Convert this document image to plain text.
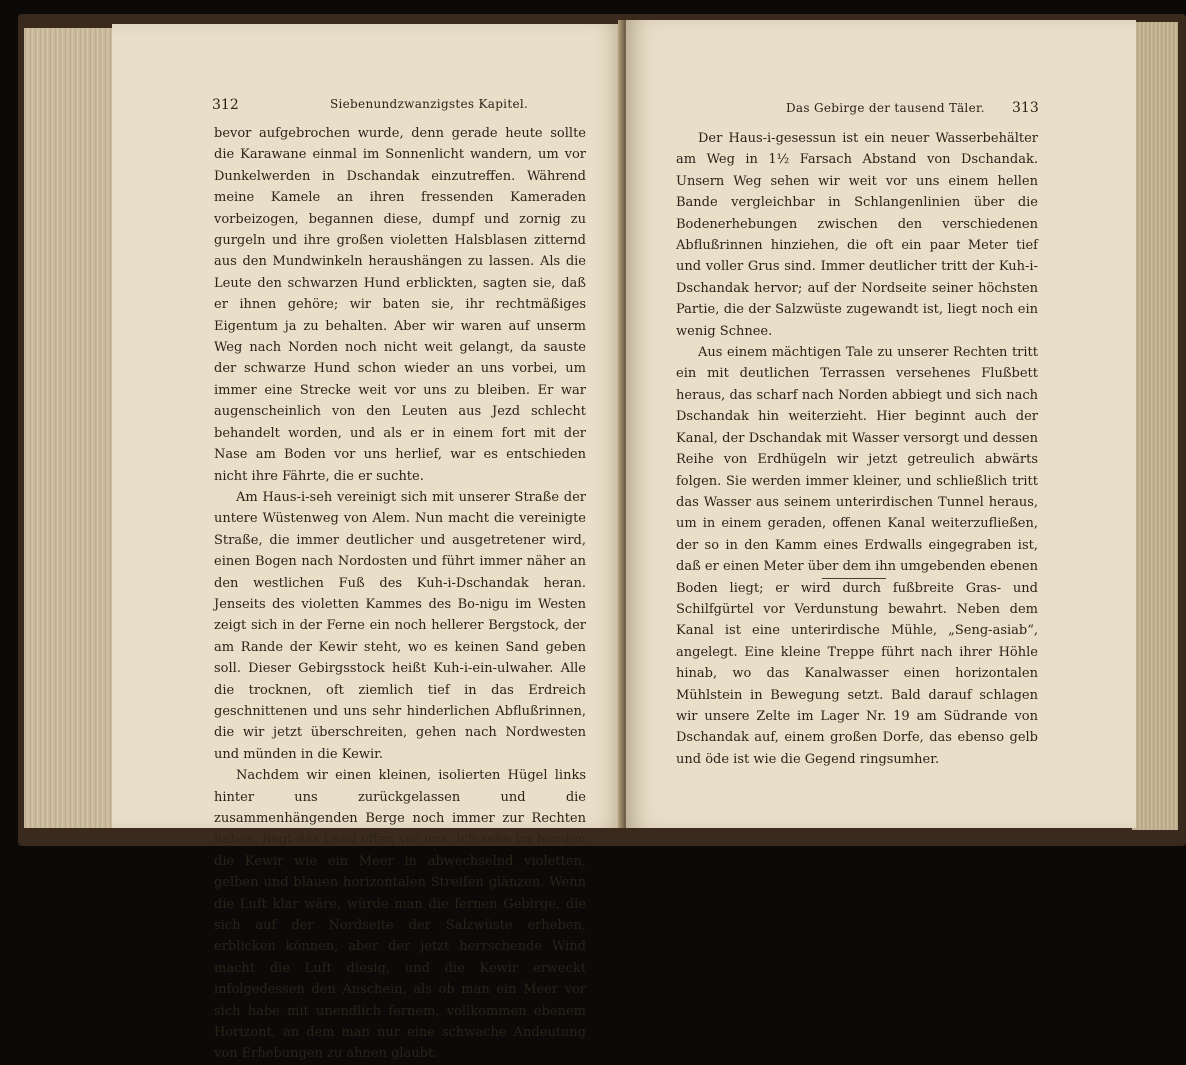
312	Siebenundzwanzigstes Kapitel.

bevor aufgebrochen wurde, denn gerade heute sollte die Karawane einmal im Sonnenlicht wandern, um vor Dunkelwerden in Dschandak einzutreffen. Während meine Kamele an ihren fressenden Kameraden vorbeizogen, begannen diese, dumpf und zornig zu gurgeln und ihre großen violetten Halsblasen zitternd aus den Mundwinkeln heraushängen zu lassen. Als die Leute den schwarzen Hund erblickten, sagten sie, daß er ihnen gehöre; wir baten sie, ihr rechtmäßiges Eigentum ja zu behalten. Aber wir waren auf unserm Weg nach Norden noch nicht weit gelangt, da sauste der schwarze Hund schon wieder an uns vorbei, um immer eine Strecke weit vor uns zu bleiben. Er war augenscheinlich von den Leuten aus Jezd schlecht behandelt worden, und als er in einem fort mit der Nase am Boden vor uns herlief, war es entschieden nicht ihre Fährte, die er suchte.

Am Haus-i-seh vereinigt sich mit unserer Straße der untere Wüstenweg von Alem. Nun macht die vereinigte Straße, die immer deutlicher und ausgetretener wird, einen Bogen nach Nordosten und führt immer näher an den westlichen Fuß des Kuh-i-Dschandak heran. Jenseits des violetten Kammes des Bo-nigu im Westen zeigt sich in der Ferne ein noch hellerer Bergstock, der am Rande der Kewir steht, wo es keinen Sand geben soll. Dieser Gebirgsstock heißt Kuh-i-ein-ulwaher. Alle die trocknen, oft ziemlich tief in das Erdreich geschnittenen und uns sehr hinderlichen Abflußrinnen, die wir jetzt überschreiten, gehen nach Nordwesten und münden in die Kewir.

Nachdem wir einen kleinen, isolierten Hügel links hinter uns zurückgelassen und die zusammenhängenden Berge noch immer zur Rechten haben, liegt das Land offen vor uns. Ich sehe im Norden die Kewir wie ein Meer in abwechselnd violetten, gelben und blauen horizontalen Streifen glänzen. Wenn die Luft klar wäre, würde man die fernen Gebirge, die sich auf der Nordseite der Salzwüste erheben, erblicken können, aber der jetzt herrschende Wind macht die Luft diesig, und die Kewir erweckt infolgedessen den Anschein, als ob man ein Meer vor sich habe mit unendlich fernem, vollkommen ebenem Horizont, an dem man nur eine schwache Andeutung von Erhebungen zu ahnen glaubt.

Das Gebirge der tausend Täler. 313

Der Haus-i-gesessun ist ein neuer Wasserbehälter am Weg in 1½ Farsach Abstand von Dschandak. Unsern Weg sehen wir weit vor uns einem hellen Bande vergleichbar in Schlangenlinien über die Bodenerhebungen zwischen den verschiedenen Abflußrinnen hinziehen, die oft ein paar Meter tief und voller Grus sind. Immer deutlicher tritt der Kuh-i-Dschandak hervor; auf der Nordseite seiner höchsten Partie, die der Salzwüste zugewandt ist, liegt noch ein wenig Schnee.

Aus einem mächtigen Tale zu unserer Rechten tritt ein mit deutlichen Terrassen versehenes Flußbett heraus, das scharf nach Norden abbiegt und sich nach Dschandak hin weiterzieht. Hier beginnt auch der Kanal, der Dschandak mit Wasser versorgt und dessen Reihe von Erdhügeln wir jetzt getreulich abwärts folgen. Sie werden immer kleiner, und schließlich tritt das Wasser aus seinem unterirdischen Tunnel heraus, um in einem geraden, offenen Kanal weiterzufließen, der so in den Kamm eines Erdwalls eingegraben ist, daß er einen Meter über dem ihn umgebenden ebenen Boden liegt; er wird durch fußbreite Gras- und Schilfgürtel vor Verdunstung bewahrt. Neben dem Kanal ist eine unterirdische Mühle, „Seng-asiab“, angelegt. Eine kleine Treppe führt nach ihrer Höhle hinab, wo das Kanalwasser einen horizontalen Mühlstein in Bewegung setzt. Bald darauf schlagen wir unsere Zelte im Lager Nr. 19 am Südrande von Dschandak auf, einem großen Dorfe, das ebenso gelb und öde ist wie die Gegend ringsumher.
